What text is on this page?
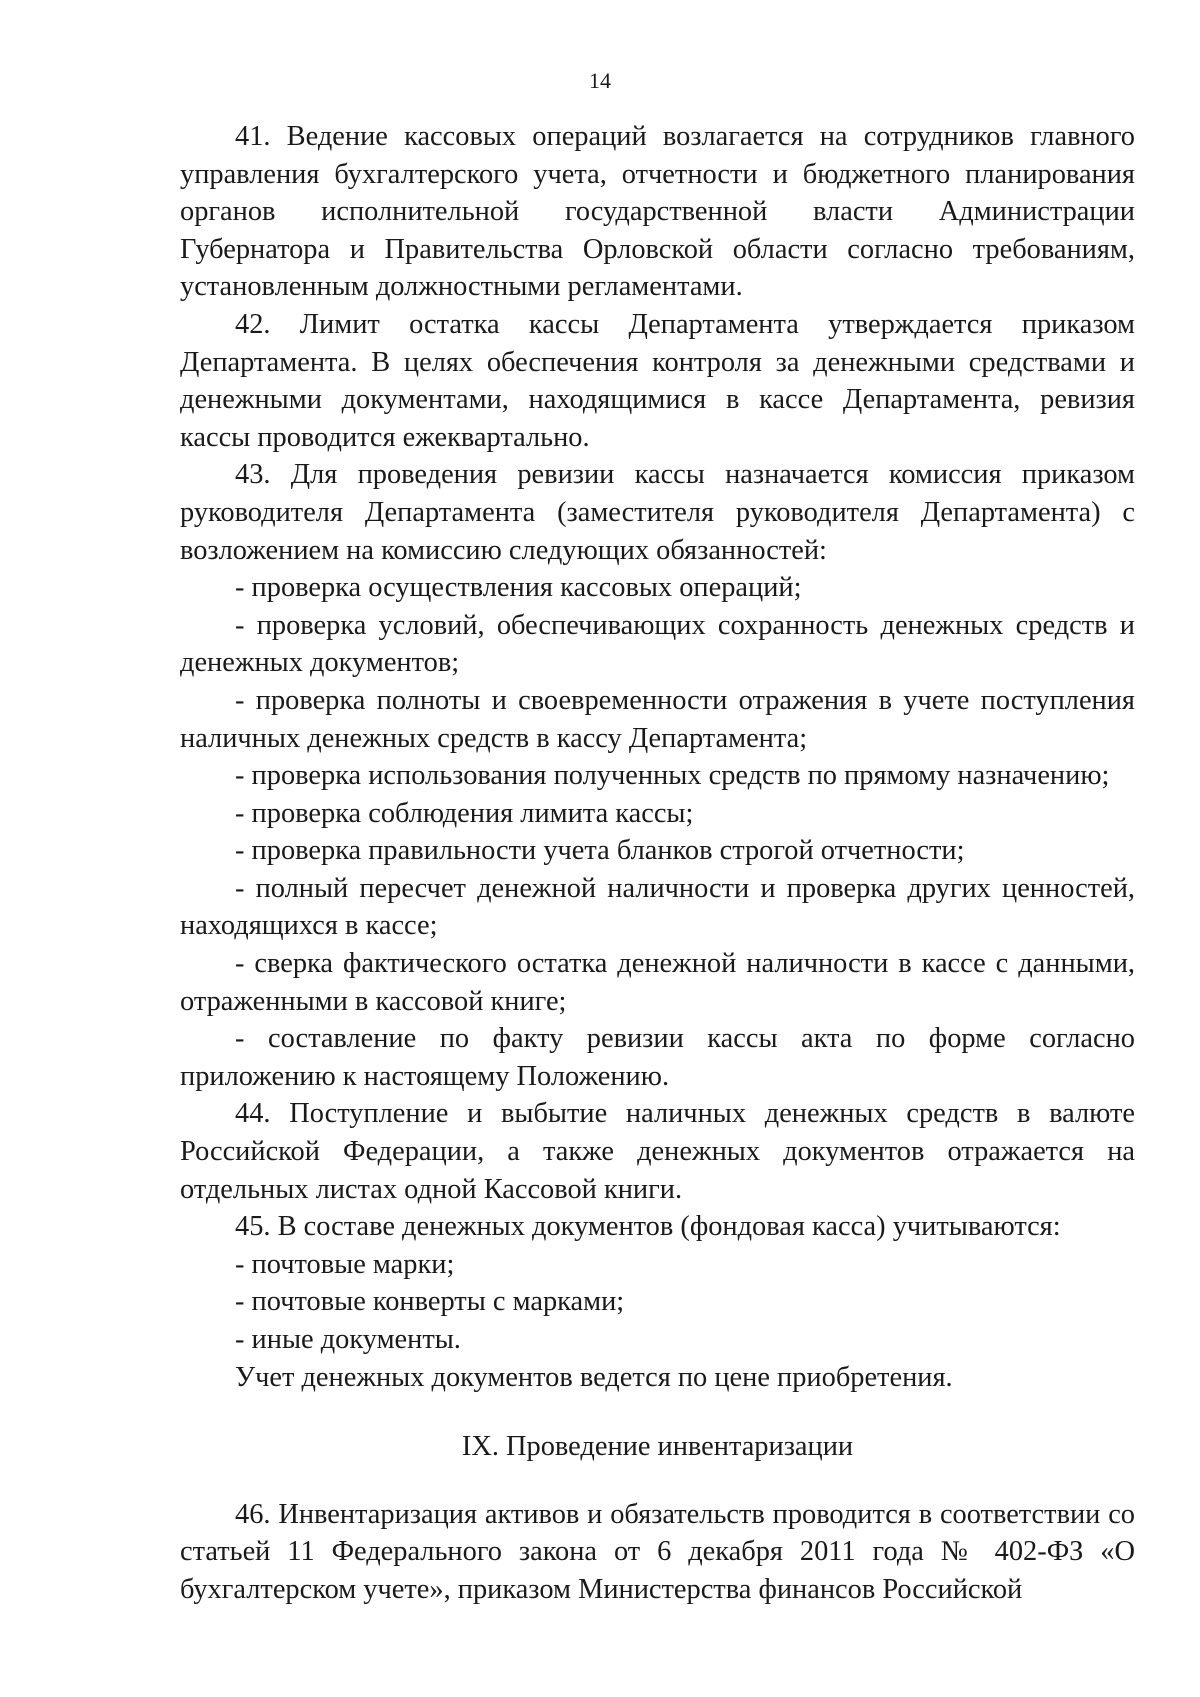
14

41. Ведение кассовых операций возлагается на сотрудников главного управления бухгалтерского учета, отчетности и бюджетного планирования органов исполнительной государственной власти Администрации Губернатора и Правительства Орловской области согласно требованиям, установленным должностными регламентами.

42. Лимит остатка кассы Департамента утверждается приказом Департамента. В целях обеспечения контроля за денежными средствами и денежными документами, находящимися в кассе Департамента, ревизия кассы проводится ежеквартально.

43. Для проведения ревизии кассы назначается комиссия приказом руководителя Департамента (заместителя руководителя Департамента) с возложением на комиссию следующих обязанностей:

- проверка осуществления кассовых операций;

- проверка условий, обеспечивающих сохранность денежных средств и денежных документов;

- проверка полноты и своевременности отражения в учете поступления наличных денежных средств в кассу Департамента;

- проверка использования полученных средств по прямому назначению;

- проверка соблюдения лимита кассы;

- проверка правильности учета бланков строгой отчетности;

- полный пересчет денежной наличности и проверка других ценностей, находящихся в кассе;

- сверка фактического остатка денежной наличности в кассе с данными, отраженными в кассовой книге;

- составление по факту ревизии кассы акта по форме согласно приложению к настоящему Положению.

44. Поступление и выбытие наличных денежных средств в валюте Российской Федерации, а также денежных документов отражается на отдельных листах одной Кассовой книги.

45. В составе денежных документов (фондовая касса) учитываются:

- почтовые марки;

- почтовые конверты с марками;

- иные документы.

Учет денежных документов ведется по цене приобретения.

IX. Проведение инвентаризации

46. Инвентаризация активов и обязательств проводится в соответствии со статьей 11 Федерального закона от 6 декабря 2011 года № 402-ФЗ «О бухгалтерском учете», приказом Министерства финансов Российской
